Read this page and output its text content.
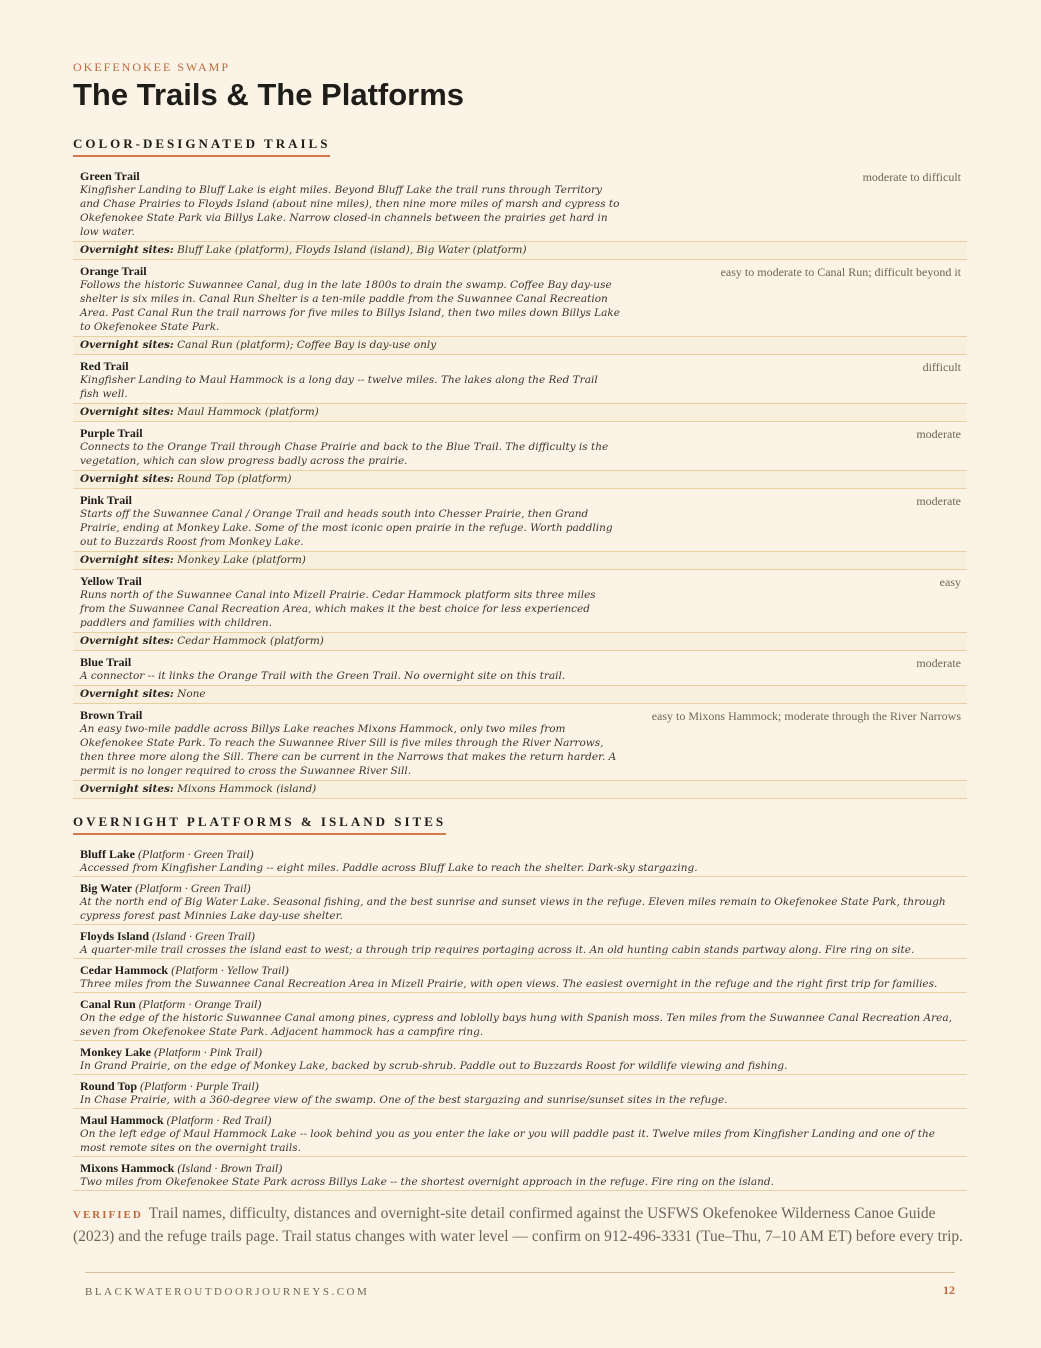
OKEFENOKEE SWAMP
The Trails & The Platforms
COLOR-DESIGNATED TRAILS
Green Trail	moderate to difficult
Kingfisher Landing to Bluff Lake is eight miles. Beyond Bluff Lake the trail runs through Territory and Chase Prairies to Floyds Island (about nine miles), then nine more miles of marsh and cypress to Okefenokee State Park via Billys Lake. Narrow closed-in channels between the prairies get hard in low water.
Overnight sites: Bluff Lake (platform), Floyds Island (island), Big Water (platform)
Orange Trail	easy to moderate to Canal Run; difficult beyond it
Follows the historic Suwannee Canal, dug in the late 1800s to drain the swamp. Coffee Bay day-use shelter is six miles in. Canal Run Shelter is a ten-mile paddle from the Suwannee Canal Recreation Area. Past Canal Run the trail narrows for five miles to Billys Island, then two miles down Billys Lake to Okefenokee State Park.
Overnight sites: Canal Run (platform); Coffee Bay is day-use only
Red Trail	difficult
Kingfisher Landing to Maul Hammock is a long day -- twelve miles. The lakes along the Red Trail fish well.
Overnight sites: Maul Hammock (platform)
Purple Trail	moderate
Connects to the Orange Trail through Chase Prairie and back to the Blue Trail. The difficulty is the vegetation, which can slow progress badly across the prairie.
Overnight sites: Round Top (platform)
Pink Trail	moderate
Starts off the Suwannee Canal / Orange Trail and heads south into Chesser Prairie, then Grand Prairie, ending at Monkey Lake. Some of the most iconic open prairie in the refuge. Worth paddling out to Buzzards Roost from Monkey Lake.
Overnight sites: Monkey Lake (platform)
Yellow Trail	easy
Runs north of the Suwannee Canal into Mizell Prairie. Cedar Hammock platform sits three miles from the Suwannee Canal Recreation Area, which makes it the best choice for less experienced paddlers and families with children.
Overnight sites: Cedar Hammock (platform)
Blue Trail	moderate
A connector -- it links the Orange Trail with the Green Trail. No overnight site on this trail.
Overnight sites: None
Brown Trail	easy to Mixons Hammock; moderate through the River Narrows
An easy two-mile paddle across Billys Lake reaches Mixons Hammock, only two miles from Okefenokee State Park. To reach the Suwannee River Sill is five miles through the River Narrows, then three more along the Sill. There can be current in the Narrows that makes the return harder. A permit is no longer required to cross the Suwannee River Sill.
Overnight sites: Mixons Hammock (island)
OVERNIGHT PLATFORMS & ISLAND SITES
Bluff Lake (Platform · Green Trail)
Accessed from Kingfisher Landing -- eight miles. Paddle across Bluff Lake to reach the shelter. Dark-sky stargazing.
Big Water (Platform · Green Trail)
At the north end of Big Water Lake. Seasonal fishing, and the best sunrise and sunset views in the refuge. Eleven miles remain to Okefenokee State Park, through cypress forest past Minnies Lake day-use shelter.
Floyds Island (Island · Green Trail)
A quarter-mile trail crosses the island east to west; a through trip requires portaging across it. An old hunting cabin stands partway along. Fire ring on site.
Cedar Hammock (Platform · Yellow Trail)
Three miles from the Suwannee Canal Recreation Area in Mizell Prairie, with open views. The easiest overnight in the refuge and the right first trip for families.
Canal Run (Platform · Orange Trail)
On the edge of the historic Suwannee Canal among pines, cypress and loblolly bays hung with Spanish moss. Ten miles from the Suwannee Canal Recreation Area, seven from Okefenokee State Park. Adjacent hammock has a campfire ring.
Monkey Lake (Platform · Pink Trail)
In Grand Prairie, on the edge of Monkey Lake, backed by scrub-shrub. Paddle out to Buzzards Roost for wildlife viewing and fishing.
Round Top (Platform · Purple Trail)
In Chase Prairie, with a 360-degree view of the swamp. One of the best stargazing and sunrise/sunset sites in the refuge.
Maul Hammock (Platform · Red Trail)
On the left edge of Maul Hammock Lake -- look behind you as you enter the lake or you will paddle past it. Twelve miles from Kingfisher Landing and one of the most remote sites on the overnight trails.
Mixons Hammock (Island · Brown Trail)
Two miles from Okefenokee State Park across Billys Lake -- the shortest overnight approach in the refuge. Fire ring on the island.
VERIFIED Trail names, difficulty, distances and overnight-site detail confirmed against the USFWS Okefenokee Wilderness Canoe Guide (2023) and the refuge trails page. Trail status changes with water level — confirm on 912-496-3331 (Tue–Thu, 7–10 AM ET) before every trip.
BLACKWATEROUTDOORJOURNEYS.COM	12
